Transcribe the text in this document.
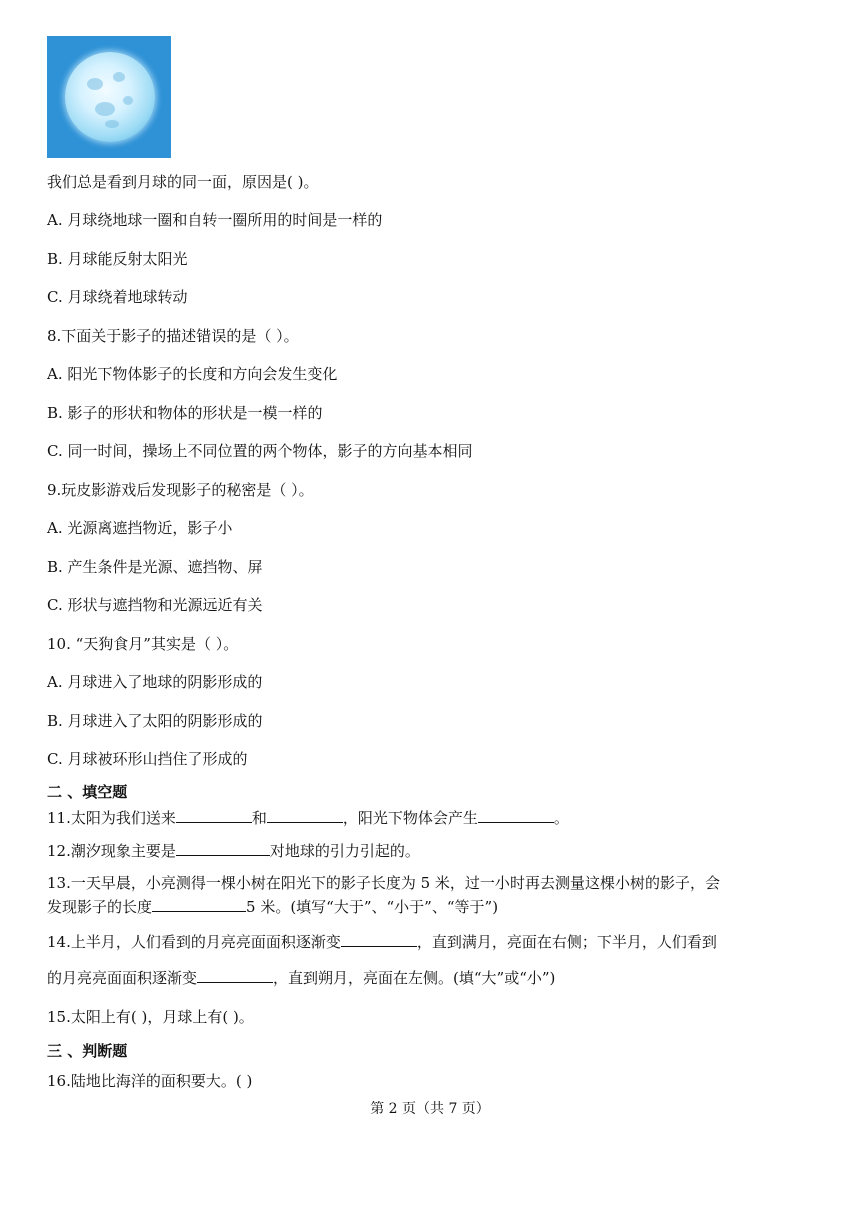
我们总是看到月球的同一面，原因是( )。
A. 月球绕地球一圈和自转一圈所用的时间是一样的
B. 月球能反射太阳光
C. 月球绕着地球转动
8.下面关于影子的描述错误的是（ ）。
A. 阳光下物体影子的长度和方向会发生变化
B. 影子的形状和物体的形状是一模一样的
C. 同一时间，操场上不同位置的两个物体，影子的方向基本相同
9.玩皮影游戏后发现影子的秘密是（ ）。
A. 光源离遮挡物近，影子小
B. 产生条件是光源、遮挡物、屏
C. 形状与遮挡物和光源远近有关
10. “天狗食月”其实是（ ）。
A. 月球进入了地球的阴影形成的
B. 月球进入了太阳的阴影形成的
C. 月球被环形山挡住了形成的
二 、填空题
11.太阳为我们送来	和	，阳光下物体会产生	。
12.潮汐现象主要是	对地球的引力引起的。
13.一天早晨，小亮测得一棵小树在阳光下的影子长度为 5 米，过一小时再去测量这棵小树的影子，会
发现影子的长度	5 米。(填写“大于”、“小于”、“等于”)
14.上半月，人们看到的月亮亮面面积逐渐变	，直到满月，亮面在右侧；下半月，人们看到
的月亮亮面面积逐渐变	，直到朔月，亮面在左侧。(填“大”或“小”)
15.太阳上有( )，月球上有( )。
三 、判断题
16.陆地比海洋的面积要大。( )
第 2 页（共 7 页）
